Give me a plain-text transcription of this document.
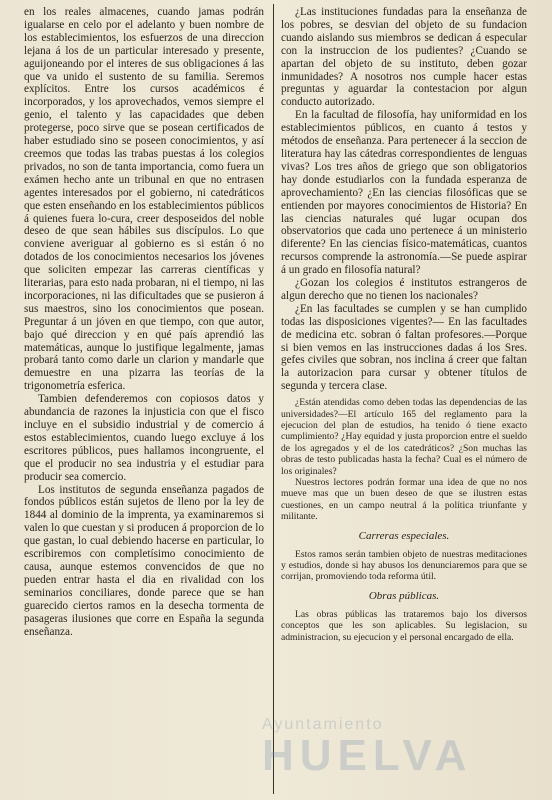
en los reales almacenes, cuando jamas podrán igualarse en celo por el adelanto y buen nombre de los establecimientos, los esfuerzos de una direccion lejana á los de un particular interesado y presente, aguijoneando por el interes de sus obligaciones á las que va unido el sustento de su familia. Seremos explícitos. Entre los cursos académicos é incorporados, y los aprovechados, vemos siempre el genio, el talento y las capacidades que deben protegerse, poco sirve que se posean certificados de haber estudiado sino se poseen conocimientos, y así creemos que todas las trabas puestas á los colegios privados, no son de tanta importancia, como fuera un exámen hecho ante un tribunal en que no entrasen agentes interesados por el gobierno, ni catedráticos que esten enseñando en los establecimientos públicos á quienes fuera lo-cura, creer desposeidos del noble deseo de que sean hábiles sus discípulos. Lo que conviene averiguar al gobierno es si están ó no dotados de los conocimientos necesarios los jóvenes que soliciten empezar las carreras científicas y literarias, para esto nada probaran, ni el tiempo, ni las incorporaciones, ni las dificultades que se pusieron á sus maestros, sino los conocimientos que posean. Preguntar á un jóven en que tiempo, con que autor, bajo qué direccion y en qué país aprendió las matemáticas, aunque lo justifique legalmente, jamas probará tanto como darle un clarion y mandarle que demuestre en una pizarra las teorías de la trigonometría esferica.

Tambien defenderemos con copiosos datos y abundancia de razones la injusticia con que el fisco incluye en el subsidio industrial y de comercio á estos establecimientos, cuando luego excluye á los escritores públicos, pues hallamos incongruente, el que el producir no sea industria y el estudiar para producir sea comercio.

Los institutos de segunda enseñanza pagados de fondos públicos están sujetos de lleno por la ley de 1844 al dominio de la imprenta, ya examinaremos si valen lo que cuestan y si producen á proporcion de lo que gastan, lo cual debiendo hacerse en particular, lo escribiremos con completísimo conocimiento de causa, aunque estemos convencidos de que no pueden entrar hasta el dia en rivalidad con los seminarios conciliares, donde parece que se han guarecido ciertos ramos en la desecha tormenta de pasageras ilusiones que corre en España la segunda enseñanza.

¿Las instituciones fundadas para la enseñanza de los pobres, se desvian del objeto de su fundacion cuando aislando sus miembros se dedican á especular con la instruccion de los pudientes? ¿Cuando se apartan del objeto de su instituto, deben gozar inmunidades? A nosotros nos cumple hacer estas preguntas y aguardar la contestacion por algun conducto autorizado.

En la facultad de filosofía, hay uniformidad en los establecimientos públicos, en cuanto á testos y métodos de enseñanza. Para pertenecer á la seccion de literatura hay las cátedras correspondientes de lenguas vivas? Los tres años de griego que son obligatorios hay donde estudiarlos con la fundada esperanza de aprovechamiento? ¿En las ciencias filosóficas que se entienden por mayores conocimientos de Historia? En las ciencias naturales qué lugar ocupan dos observatorios que cada uno pertenece á un ministerio diferente? En las ciencias físico-matemáticas, cuantos recursos comprende la astronomía.—Se puede aspirar á un grado en filosofía natural?

¿Gozan los colegios é institutos estrangeros de algun derecho que no tienen los nacionales?

¿En las facultades se cumplen y se han cumplido todas las disposiciones vigentes?— En las facultades de medicina etc. sobran ó faltan profesores.—Porque si bien vemos en las instrucciones dadas á los Sres. gefes civiles que sobran, nos inclina á creer que faltan la autorizacion para cursar y obtener títulos de segunda y tercera clase.

¿Están atendidas como deben todas las dependencias de las universidades?—El artículo 165 del reglamento para la ejecucion del plan de estudios, ha tenido ó tiene exacto cumplimiento? ¿Hay equidad y justa proporcion entre el sueldo de los agregados y el de los catedráticos? ¿Son muchas las obras de testo publicadas hasta la fecha? Cual es el número de los originales?

Nuestros lectores podrán formar una idea de que no nos mueve mas que un buen deseo de que se ilustren estas cuestiones, en un campo neutral á la política triunfante y militante.

Carreras especiales.

Estos ramos serán tambien objeto de nuestras meditaciones y estudios, donde si hay abusos los denunciaremos para que se corrijan, promoviendo toda reforma útil.

Obras públicas.

Las obras públicas las trataremos bajo los diversos conceptos que les son aplicables. Su legislacion, su administracion, su ejecucion y el personal encargado de ella.

Ayuntamiento
HUELVA
